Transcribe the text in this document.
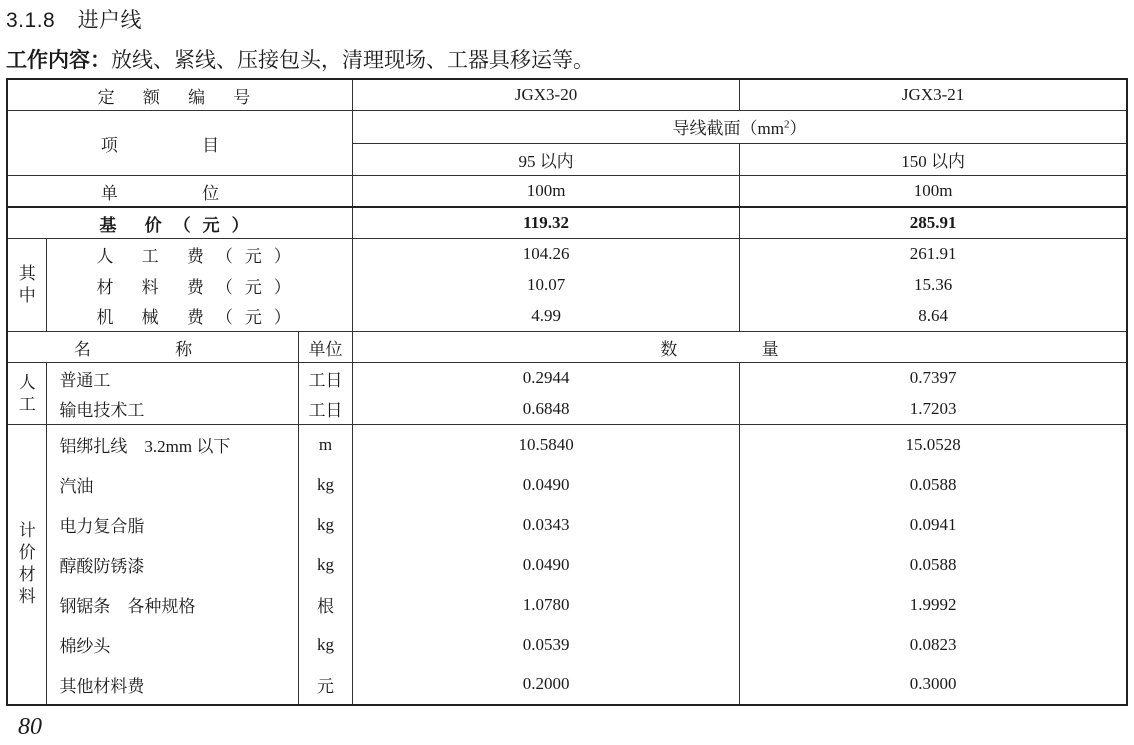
3.1.8 进户线
工作内容：放线、紧线、压接包头，清理现场、工器具移运等。
定 额 编 号			JGX3-20	JGX3-21
项 目			导线截面$(mm^2)$	
			95 以内	150 以内
单 位			100m	100m
基 价（元）			119.32	285.91

其
中	人 工 费（元）		104.26	261.91
	材 料 费（元）		10.07	15.36
	机 械 费（元）		4.99	8.64
名 称		单位	数 量	

人
工	普通工	工日	0.2944	0.7397
	输电技术工	工日	0.6848	1.7203

计
价
材
料	铝绑扎线　3.2mm 以下	m	10.5840	15.0528
	汽油	kg	0.0490	0.0588
	电力复合脂	kg	0.0343	0.0941
	醇酸防锈漆	kg	0.0490	0.0588
	钢锯条　各种规格	根	1.0780	1.9992
	棉纱头	kg	0.0539	0.0823
	其他材料费	元	0.2000	0.3000
80
